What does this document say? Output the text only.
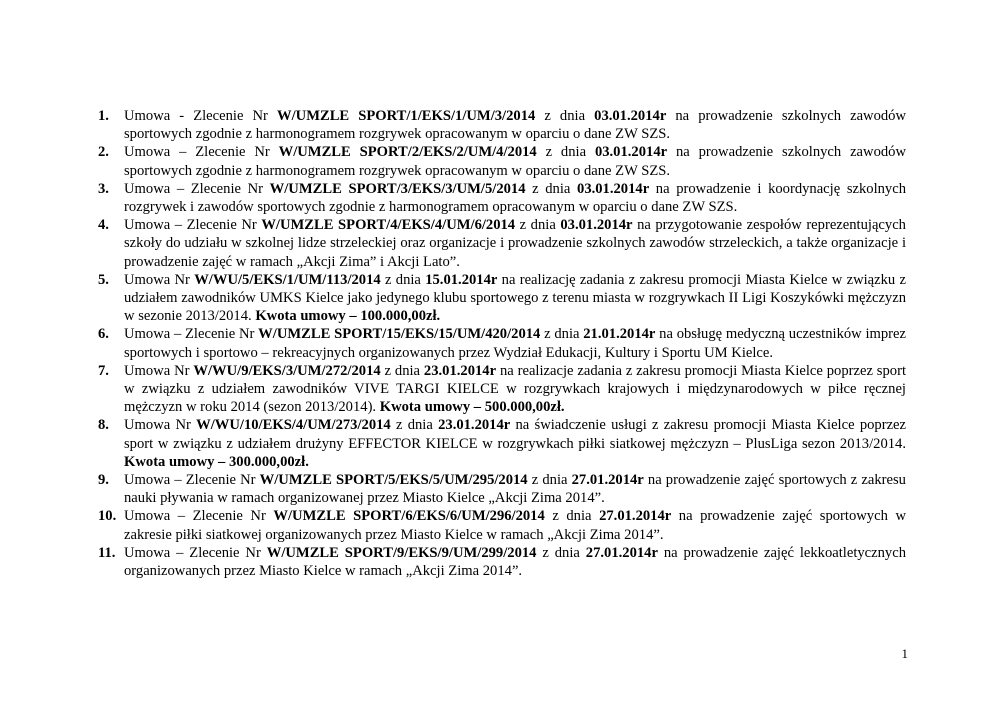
1. Umowa - Zlecenie Nr W/UMZLE SPORT/1/EKS/1/UM/3/2014 z dnia 03.01.2014r na prowadzenie szkolnych zawodów sportowych zgodnie z harmonogramem rozgrywek opracowanym w oparciu o dane ZW SZS.
2. Umowa – Zlecenie Nr W/UMZLE SPORT/2/EKS/2/UM/4/2014 z dnia 03.01.2014r na prowadzenie szkolnych zawodów sportowych zgodnie z harmonogramem rozgrywek opracowanym w oparciu o dane ZW SZS.
3. Umowa – Zlecenie Nr W/UMZLE SPORT/3/EKS/3/UM/5/2014 z dnia 03.01.2014r na prowadzenie i koordynację szkolnych rozgrywek i zawodów sportowych zgodnie z harmonogramem opracowanym w oparciu o dane ZW SZS.
4. Umowa – Zlecenie Nr W/UMZLE SPORT/4/EKS/4/UM/6/2014 z dnia 03.01.2014r na przygotowanie zespołów reprezentujących szkoły do udziału w szkolnej lidze strzeleckiej oraz organizacje i prowadzenie szkolnych zawodów strzeleckich, a także organizacje i prowadzenie zajęć w ramach „Akcji Zima” i Akcji Lato”.
5. Umowa Nr W/WU/5/EKS/1/UM/113/2014 z dnia 15.01.2014r na realizację zadania z zakresu promocji Miasta Kielce w związku z udziałem zawodników UMKS Kielce jako jedynego klubu sportowego z terenu miasta w rozgrywkach II Ligi Koszykówki mężczyzn w sezonie 2013/2014. Kwota umowy – 100.000,00zł.
6. Umowa – Zlecenie Nr W/UMZLE SPORT/15/EKS/15/UM/420/2014 z dnia 21.01.2014r na obsługę medyczną uczestników imprez sportowych i sportowo – rekreacyjnych organizowanych przez Wydział Edukacji, Kultury i Sportu UM Kielce.
7. Umowa Nr W/WU/9/EKS/3/UM/272/2014 z dnia 23.01.2014r na realizacje zadania z zakresu promocji Miasta Kielce poprzez sport w związku z udziałem zawodników VIVE TARGI KIELCE w rozgrywkach krajowych i międzynarodowych w piłce ręcznej mężczyzn w roku 2014 (sezon 2013/2014). Kwota umowy – 500.000,00zł.
8. Umowa Nr W/WU/10/EKS/4/UM/273/2014 z dnia 23.01.2014r na świadczenie usługi z zakresu promocji Miasta Kielce poprzez sport w związku z udziałem drużyny EFFECTOR KIELCE w rozgrywkach piłki siatkowej mężczyzn – PlusLiga sezon 2013/2014. Kwota umowy – 300.000,00zł.
9. Umowa – Zlecenie Nr W/UMZLE SPORT/5/EKS/5/UM/295/2014 z dnia 27.01.2014r na prowadzenie zajęć sportowych z zakresu nauki pływania w ramach organizowanej przez Miasto Kielce „Akcji Zima 2014”.
10. Umowa – Zlecenie Nr W/UMZLE SPORT/6/EKS/6/UM/296/2014 z dnia 27.01.2014r na prowadzenie zajęć sportowych w zakresie piłki siatkowej organizowanych przez Miasto Kielce w ramach „Akcji Zima 2014”.
11. Umowa – Zlecenie Nr W/UMZLE SPORT/9/EKS/9/UM/299/2014 z dnia 27.01.2014r na prowadzenie zajęć lekkoatletycznych organizowanych przez Miasto Kielce w ramach „Akcji Zima 2014”.
1
